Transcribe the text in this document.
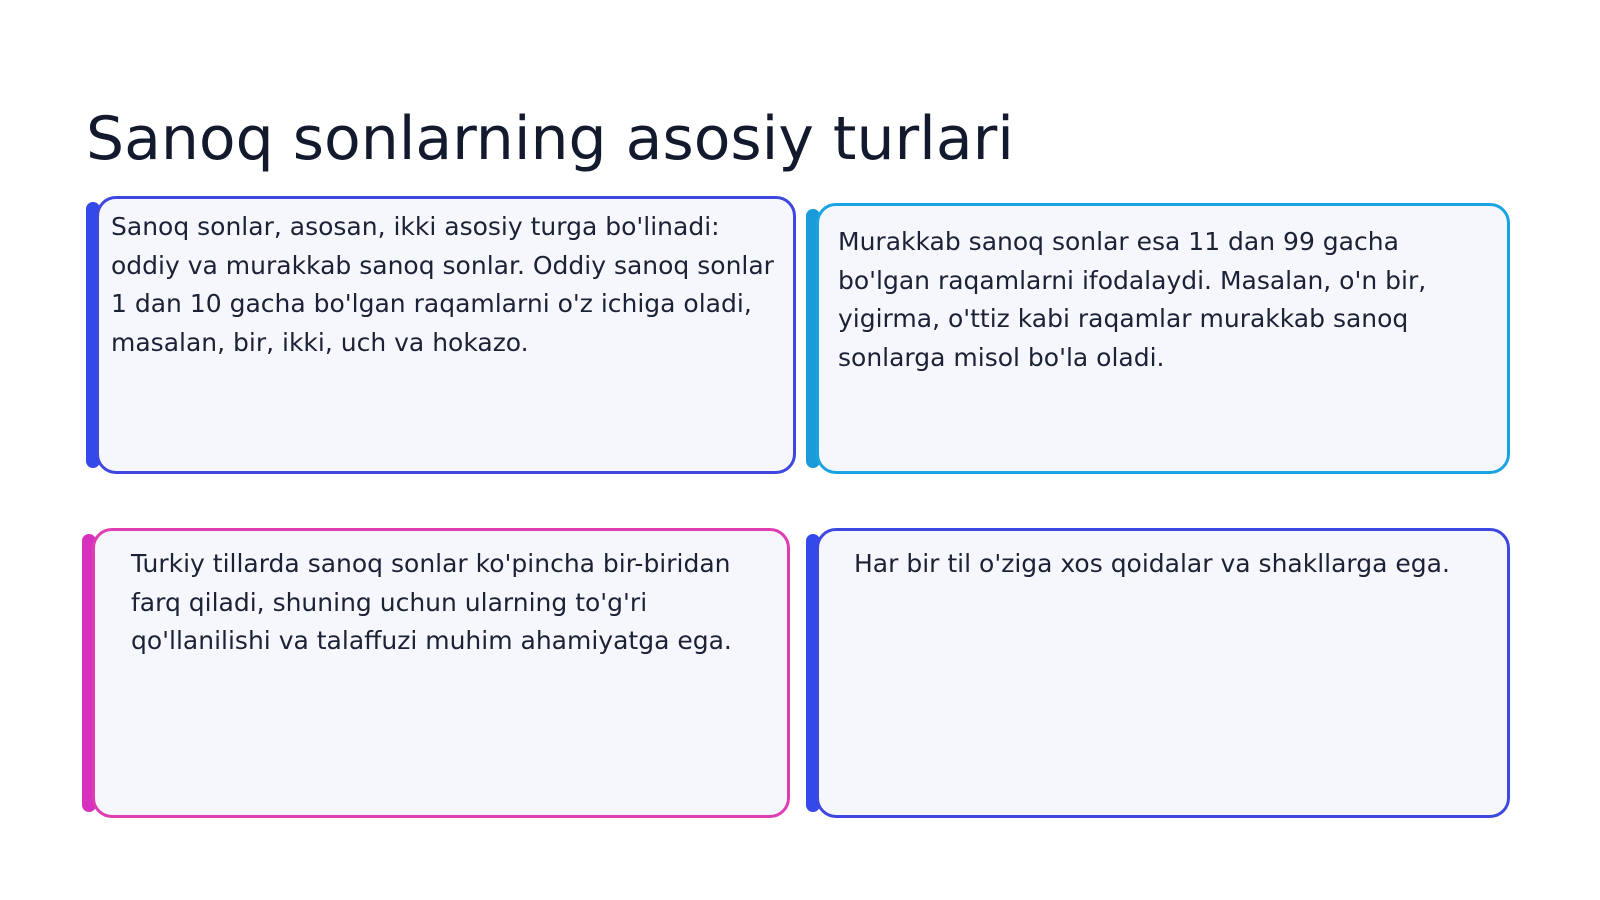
Sanoq sonlarning asosiy turlari

Sanoq sonlar, asosan, ikki asosiy turga bo'linadi: oddiy va murakkab sanoq sonlar. Oddiy sanoq sonlar 1 dan 10 gacha bo'lgan raqamlarni o'z ichiga oladi, masalan, bir, ikki, uch va hokazo.

Murakkab sanoq sonlar esa 11 dan 99 gacha bo'lgan raqamlarni ifodalaydi. Masalan, o'n bir, yigirma, o'ttiz kabi raqamlar murakkab sanoq sonlarga misol bo'la oladi.

Turkiy tillarda sanoq sonlar ko'pincha bir-biridan farq qiladi, shuning uchun ularning to'g'ri qo'llanilishi va talaffuzi muhim ahamiyatga ega.

Har bir til o'ziga xos qoidalar va shakllarga ega.
